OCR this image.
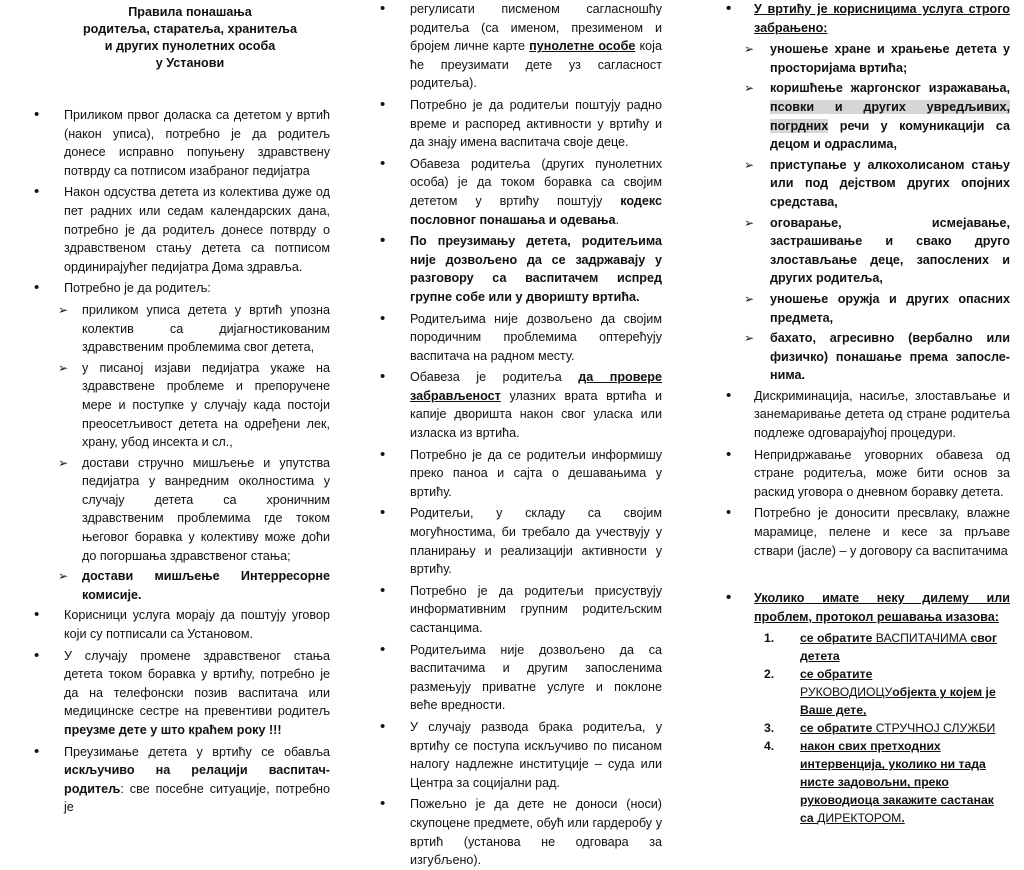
Правила понашања
родитеља, старатеља, хранитеља
и других пунолетних особа
у Установи
• Приликом првог доласка са дететом у вртић (након уписа), потребно је да родитељ донесе исправно попуњену здравствену потврду са потписом изабраног педијатра
• Након одсуства детета из колектива дуже од пет радних или седам календарских дана, потребно је да родитељ донесе потврду о здравственом стању детета са потписом ординирајућег педијатра Дома здравља.
• Потребно је да родитељ:
➢ приликом уписа детета у вртић упозна колектив са дијагностикованим здравственим проблемима свог детета,
➢ у писаној изјави педијатра укаже на здравствене проблеме и препоручене мере и поступке у случају када постоји преосетљивост детета на одређени лек, храну, убод инсекта и сл.,
➢ достави стручно мишљење и упутства педијатра у ванредним околностима у случају детета са хроничним здравственим проблемима где током његовог боравка у колективу може доћи до погоршања здравственог стања;
➢ достави мишљење Интерресорне комисије.
• Корисници услуга морају да поштују уговор који су потписали са Установом.
• У случају промене здравственог стања детета током боравка у вртићу, потребно је да на телефонски позив васпитача или медицинске сестре на превентиви родитељ преузме дете у што краћем року !!!
• Преузимање детета у вртићу се обавља искључиво на релацији васпитач-родитељ: све посебне ситуације, потребно је
• регулисати писменом сагласношћу родитеља (са именом, презименом и бројем личне карте пунолетне особе која ће преузимати дете уз сагласност родитеља).
• Потребно је да родитељи поштују радно време и распоред активности у вртићу и да знају имена васпитача своје деце.
• Обавеза родитеља (других пунолетних особа) је да током боравка са својим дететом у вртићу поштују кодекс пословног понашања и одевања.
• По преузимању детета, родитељима није дозвољено да се задржавају у разговору са васпитачем испред групне собе или у дворишту вртића.
• Родитељима није дозвољено да својим породичним проблемима оптерећују васпитача на радном месту.
• Обавеза је родитеља да провере забрављеност улазних врата вртића и капије дворишта након свог уласка или изласка из вртића.
• Потребно је да се родитељи информишу преко паноа и сајта о дешавањима у вртићу.
• Родитељи, у складу са својим могућностима, би требало да учествују у планирању и реализацији активности у вртићу.
• Потребно је да родитељи присуствују информативним групним родитељским састанцима.
• Родитељима није дозвољено да са васпитачима и другим запосленима размењују приватне услуге и поклоне веће вредности.
• У случају развода брака родитеља, у вртићу се поступа искључиво по писаном налогу надлежне институције – суда или Центра за социјални рад.
• Пожељно је да дете не доноси (носи) скупоцене предмете, обућ или гардеробу у вртић (установа не одговара за изгубљено).
• У вртићу је корисницима услуга строго забрањено:
➢ уношење хране и храњење детета у просторијама вртића;
➢ коришћење жаргонског изражавања, псовки и других увредљивих, погрдних речи у комуникацији са децом и одраслима,
➢ приступање у алкохолисаном стању или под дејством других опојних средстава,
➢ оговарање, исмејавање, застрашивање и свако друго злостављање деце, запослених и других родитеља,
➢ уношење оружја и других опасних предмета,
➢ бахато, агресивно (вербално или физичко) понашање према запосле-нима.
• Дискриминација, насиље, злостављање и занемаривање детета од стране родитеља подлеже одговарајућој процедури.
• Непридржавање уговорних обавеза од стране родитеља, може бити основ за раскид уговора о дневном боравку детета.
• Потребно је доносити пресвлаку, влажне марамице, пелене и кесе за прљаве ствари (јасле) – у договору са васпитачима
• Уколико имате неку дилему или проблем, протокол решавања изазова:
1. се обратите ВАСПИТАЧИМА свог детета
2. се обратите РУКОВОДИОЦУобјекта у којем је Ваше дете,
3. се обратите СТРУЧНОЈ СЛУЖБИ
4. након свих претходних интервенција, уколико ни тада нисте задовољни, преко руководиоца закажите састанак са ДИРЕКТОРОМ.
